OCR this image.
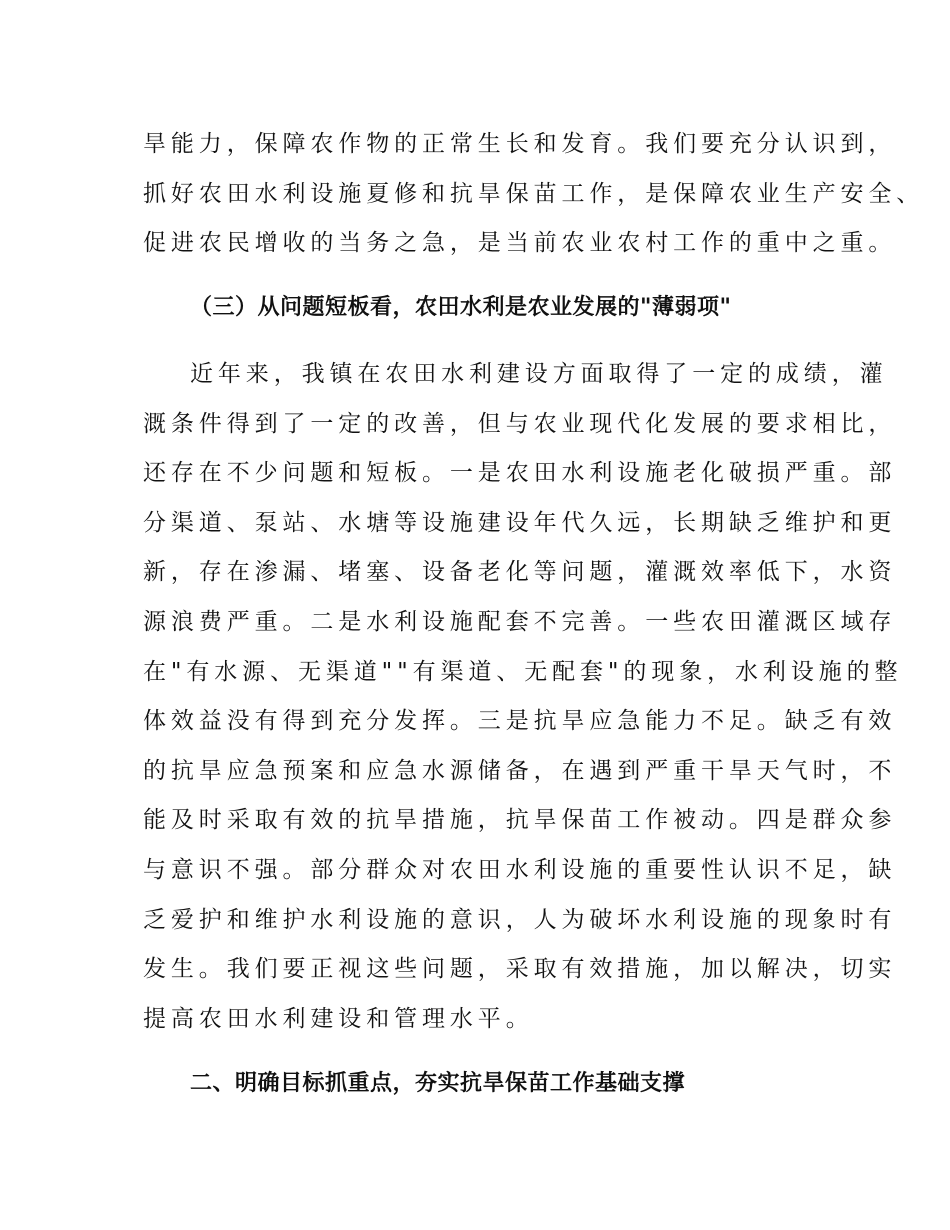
旱能力，保障农作物的正常生长和发育。我们要充分认识到，
抓好农田水利设施夏修和抗旱保苗工作，是保障农业生产安全、
促进农民增收的当务之急，是当前农业农村工作的重中之重。
（三）从问题短板看，农田水利是农业发展的"薄弱项"
近年来，我镇在农田水利建设方面取得了一定的成绩，灌
溉条件得到了一定的改善，但与农业现代化发展的要求相比，
还存在不少问题和短板。一是农田水利设施老化破损严重。部
分渠道、泵站、水塘等设施建设年代久远，长期缺乏维护和更
新，存在渗漏、堵塞、设备老化等问题，灌溉效率低下，水资
源浪费严重。二是水利设施配套不完善。一些农田灌溉区域存
在"有水源、无渠道""有渠道、无配套"的现象，水利设施的整
体效益没有得到充分发挥。三是抗旱应急能力不足。缺乏有效
的抗旱应急预案和应急水源储备，在遇到严重干旱天气时，不
能及时采取有效的抗旱措施，抗旱保苗工作被动。四是群众参
与意识不强。部分群众对农田水利设施的重要性认识不足，缺
乏爱护和维护水利设施的意识，人为破坏水利设施的现象时有
发生。我们要正视这些问题，采取有效措施，加以解决，切实
提高农田水利建设和管理水平。
二、明确目标抓重点，夯实抗旱保苗工作基础支撑
